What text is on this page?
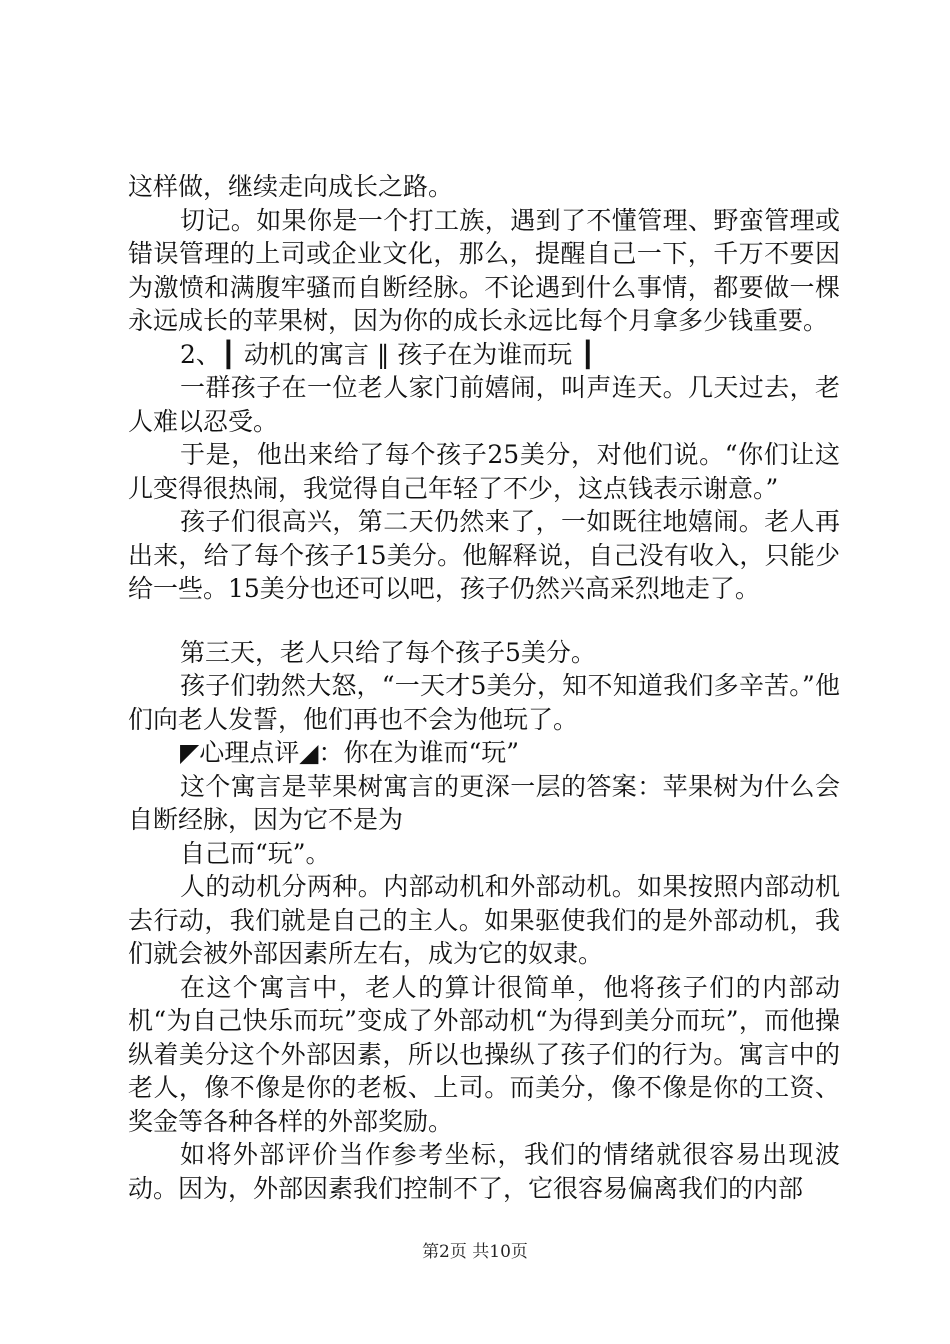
这样做，继续走向成长之路。

切记。如果你是一个打工族，遇到了不懂管理、野蛮管理或错误管理的上司或企业文化，那么，提醒自己一下，千万不要因为激愤和满腹牢骚而自断经脉。不论遇到什么事情，都要做一棵永远成长的苹果树，因为你的成长永远比每个月拿多少钱重要。

2、┃ 动机的寓言 ‖ 孩子在为谁而玩 ┃

一群孩子在一位老人家门前嬉闹，叫声连天。几天过去，老人难以忍受。

于是，他出来给了每个孩子25美分，对他们说。“你们让这儿变得很热闹，我觉得自己年轻了不少，这点钱表示谢意。”

孩子们很高兴，第二天仍然来了，一如既往地嬉闹。老人再出来，给了每个孩子15美分。他解释说，自己没有收入，只能少给一些。15美分也还可以吧，孩子仍然兴高采烈地走了。

第三天，老人只给了每个孩子5美分。

孩子们勃然大怒，“一天才5美分，知不知道我们多辛苦。”他们向老人发誓，他们再也不会为他玩了。

◤心理点评◢：你在为谁而“玩”

这个寓言是苹果树寓言的更深一层的答案：苹果树为什么会自断经脉，因为它不是为

自己而“玩”。

人的动机分两种。内部动机和外部动机。如果按照内部动机去行动，我们就是自己的主人。如果驱使我们的是外部动机，我们就会被外部因素所左右，成为它的奴隶。

在这个寓言中，老人的算计很简单，他将孩子们的内部动机“为自己快乐而玩”变成了外部动机“为得到美分而玩”，而他操纵着美分这个外部因素，所以也操纵了孩子们的行为。寓言中的老人，像不像是你的老板、上司。而美分，像不像是你的工资、奖金等各种各样的外部奖励。

如将外部评价当作参考坐标，我们的情绪就很容易出现波动。因为，外部因素我们控制不了，它很容易偏离我们的内部

第2页 共10页
